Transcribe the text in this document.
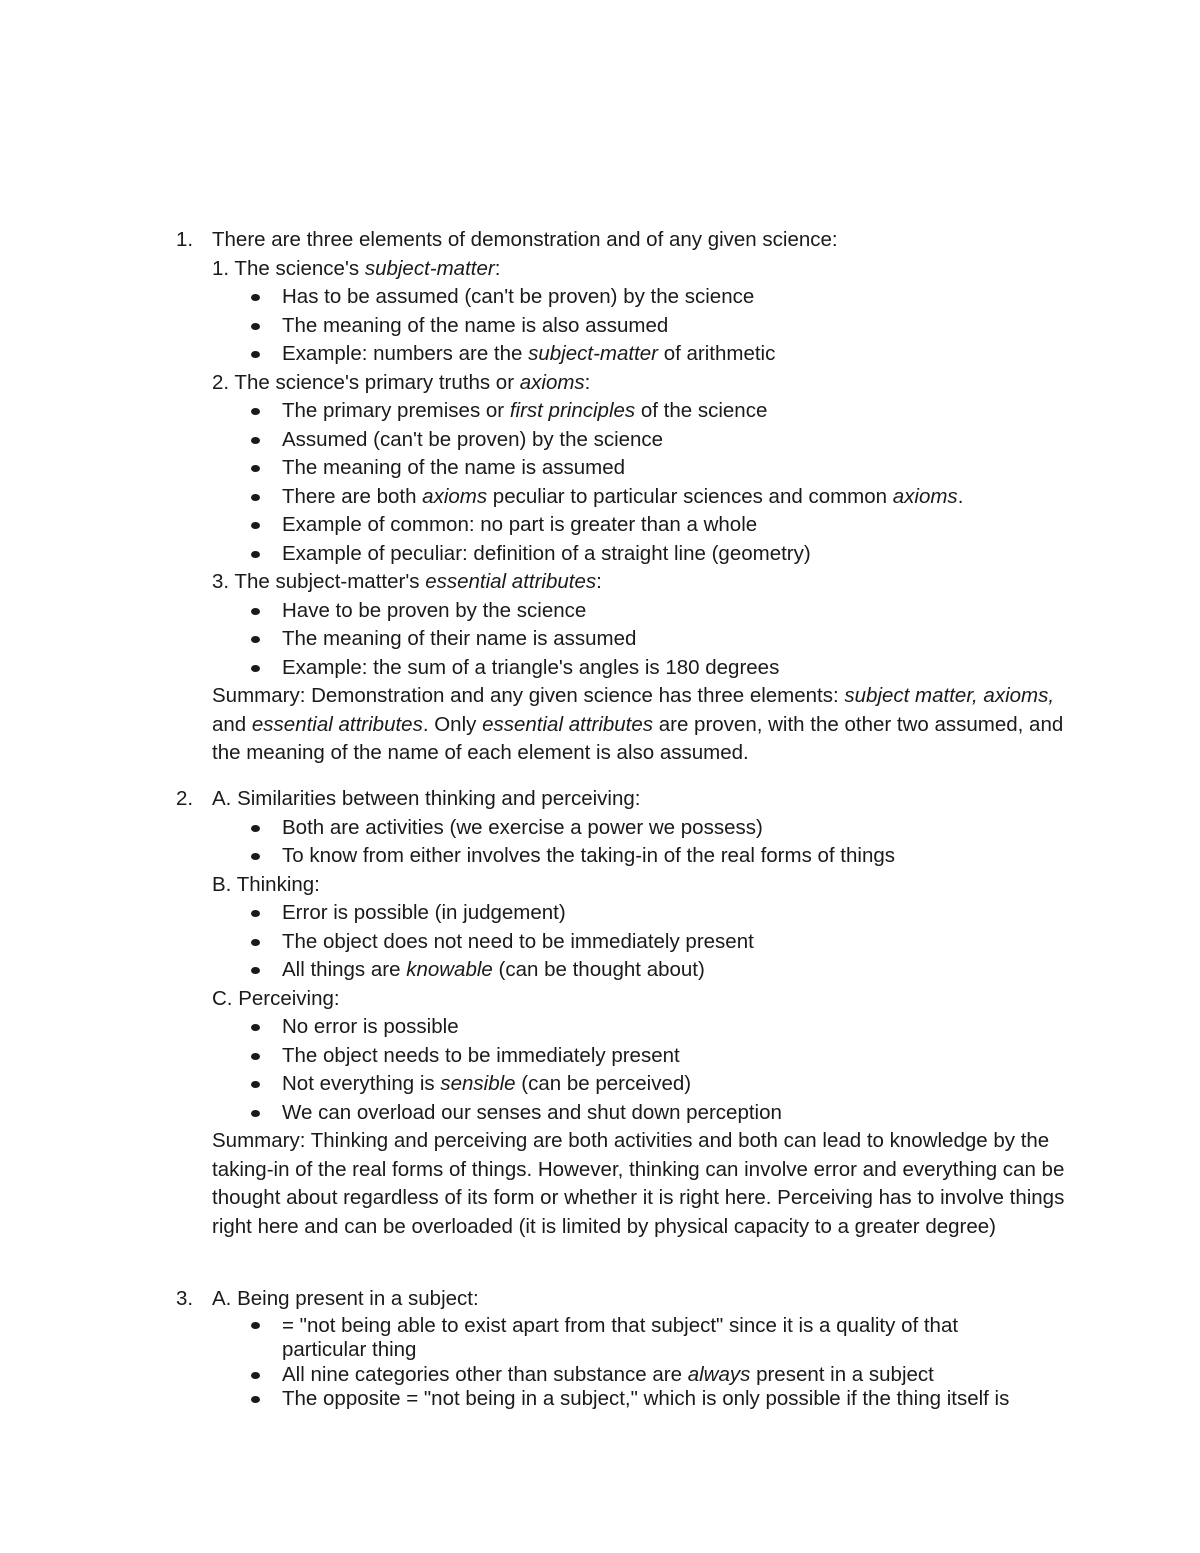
1. There are three elements of demonstration and of any given science:
1. The science's subject-matter:
Has to be assumed (can't be proven) by the science
The meaning of the name is also assumed
Example: numbers are the subject-matter of arithmetic
2. The science's primary truths or axioms:
The primary premises or first principles of the science
Assumed (can't be proven) by the science
The meaning of the name is assumed
There are both axioms peculiar to particular sciences and common axioms.
Example of common: no part is greater than a whole
Example of peculiar: definition of a straight line (geometry)
3. The subject-matter's essential attributes:
Have to be proven by the science
The meaning of their name is assumed
Example: the sum of a triangle's angles is 180 degrees
Summary: Demonstration and any given science has three elements: subject matter, axioms, and essential attributes. Only essential attributes are proven, with the other two assumed, and the meaning of the name of each element is also assumed.
2. A. Similarities between thinking and perceiving:
Both are activities (we exercise a power we possess)
To know from either involves the taking-in of the real forms of things
B. Thinking:
Error is possible (in judgement)
The object does not need to be immediately present
All things are knowable (can be thought about)
C. Perceiving:
No error is possible
The object needs to be immediately present
Not everything is sensible (can be perceived)
We can overload our senses and shut down perception
Summary: Thinking and perceiving are both activities and both can lead to knowledge by the taking-in of the real forms of things. However, thinking can involve error and everything can be thought about regardless of its form or whether it is right here. Perceiving has to involve things right here and can be overloaded (it is limited by physical capacity to a greater degree)
3. A. Being present in a subject:
= "not being able to exist apart from that subject" since it is a quality of that particular thing
All nine categories other than substance are always present in a subject
The opposite = "not being in a subject," which is only possible if the thing itself is
